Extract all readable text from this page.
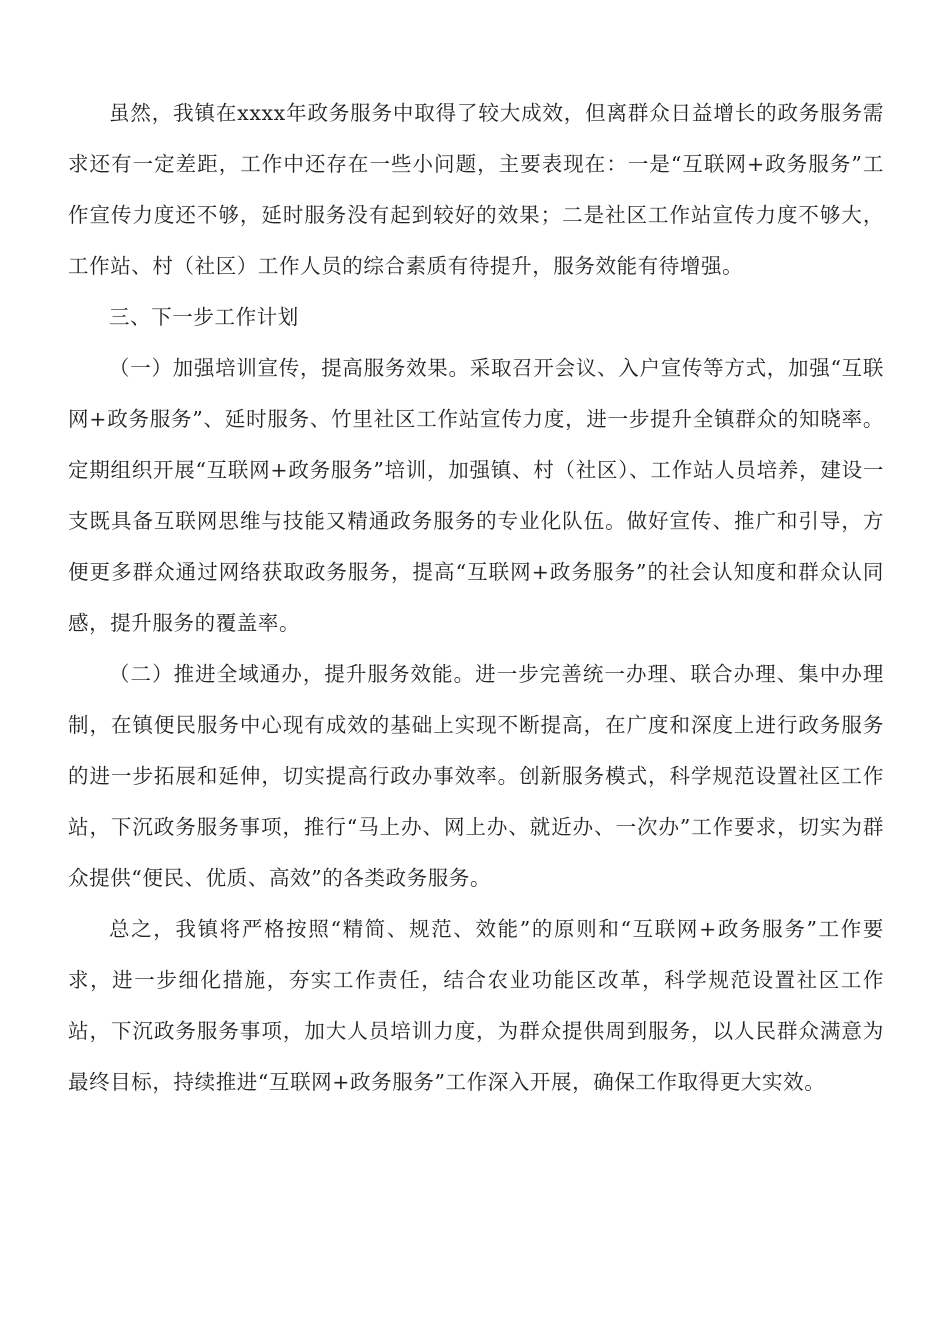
虽然，我镇在xxxx年政务服务中取得了较大成效，但离群众日益增长的政务服务需求还有一定差距，工作中还存在一些小问题，主要表现在：一是“互联网+政务服务”工作宣传力度还不够，延时服务没有起到较好的效果；二是社区工作站宣传力度不够大，工作站、村（社区）工作人员的综合素质有待提升，服务效能有待增强。

三、下一步工作计划

（一）加强培训宣传，提高服务效果。采取召开会议、入户宣传等方式，加强“互联网+政务服务”、延时服务、竹里社区工作站宣传力度，进一步提升全镇群众的知晓率。定期组织开展“互联网+政务服务”培训，加强镇、村（社区）、工作站人员培养，建设一支既具备互联网思维与技能又精通政务服务的专业化队伍。做好宣传、推广和引导，方便更多群众通过网络获取政务服务，提高“互联网+政务服务”的社会认知度和群众认同感，提升服务的覆盖率。

（二）推进全域通办，提升服务效能。进一步完善统一办理、联合办理、集中办理制，在镇便民服务中心现有成效的基础上实现不断提高，在广度和深度上进行政务服务的进一步拓展和延伸，切实提高行政办事效率。创新服务模式，科学规范设置社区工作站，下沉政务服务事项，推行“马上办、网上办、就近办、一次办”工作要求，切实为群众提供“便民、优质、高效”的各类政务服务。

总之，我镇将严格按照“精简、规范、效能”的原则和“互联网+政务服务”工作要求，进一步细化措施，夯实工作责任，结合农业功能区改革，科学规范设置社区工作站，下沉政务服务事项，加大人员培训力度，为群众提供周到服务，以人民群众满意为最终目标，持续推进“互联网+政务服务”工作深入开展，确保工作取得更大实效。
